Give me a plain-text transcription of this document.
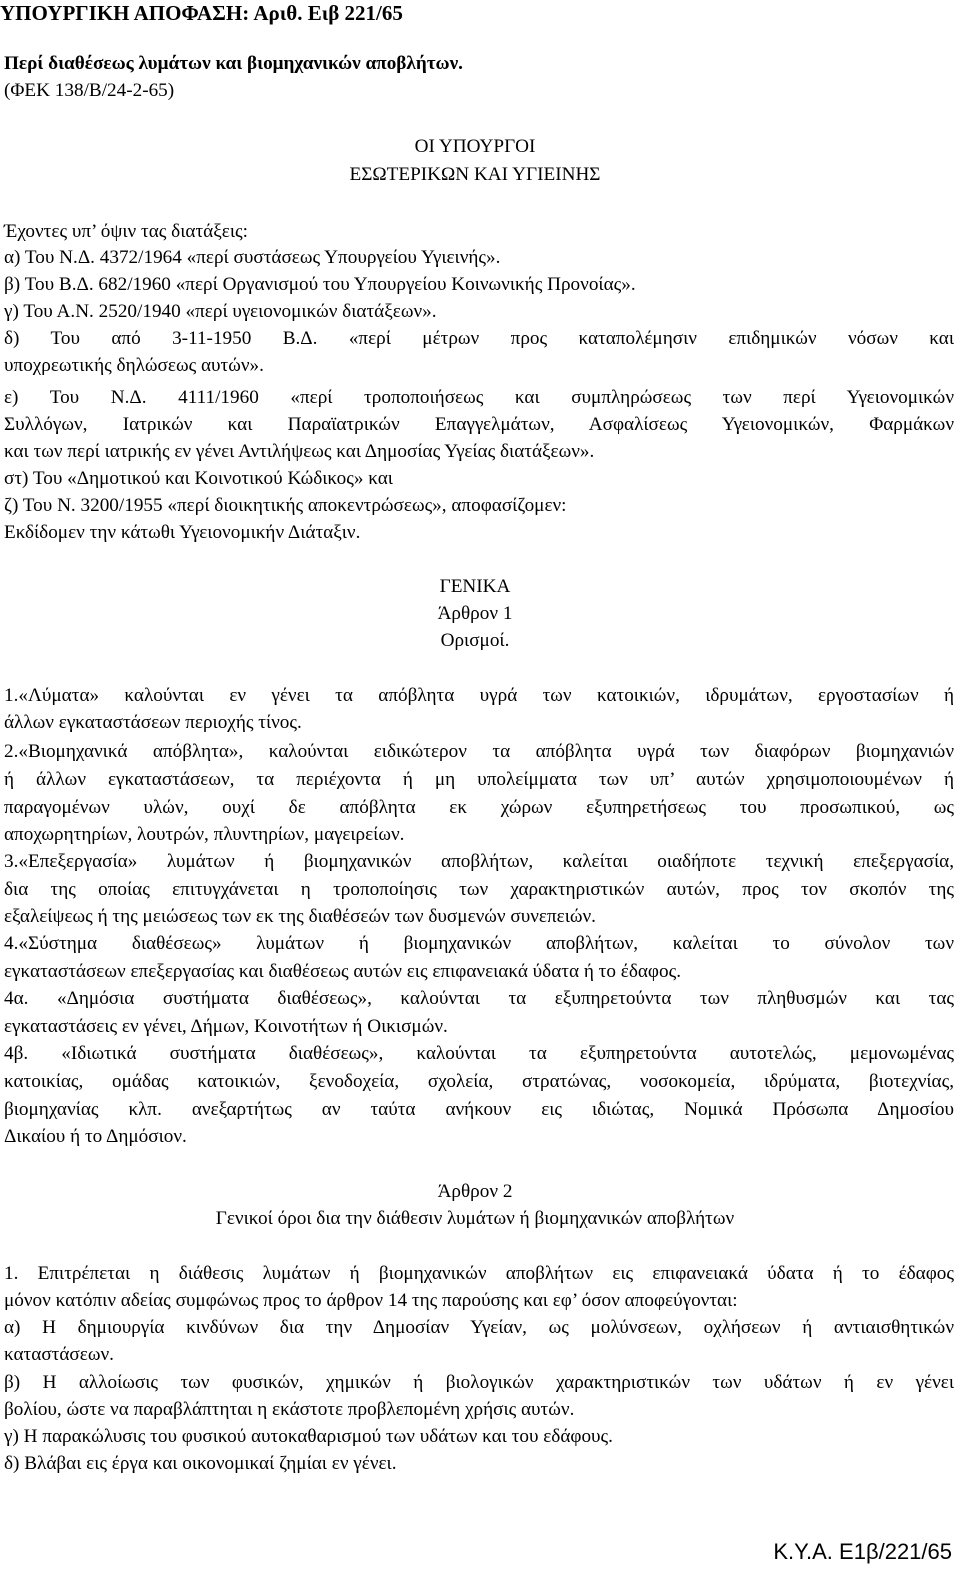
ΥΠΟΥΡΓΙΚΗ ΑΠΟΦΑΣΗ: Αριθ. Ειβ 221/65
Περί διαθέσεως λυμάτων και βιομηχανικών αποβλήτων.
(ΦΕΚ 138/Β/24-2-65)
ΟΙ ΥΠΟΥΡΓΟΙ
ΕΣΩΤΕΡΙΚΩΝ ΚΑΙ ΥΓΙΕΙΝΗΣ
Έχοντες υπ’ όψιν τας διατάξεις:
α) Του Ν.Δ. 4372/1964 «περί συστάσεως Υπουργείου Υγιεινής».
β) Του Β.Δ. 682/1960 «περί Οργανισμού του Υπουργείου Κοινωνικής Προνοίας».
γ) Του Α.Ν. 2520/1940 «περί υγειονομικών διατάξεων».
δ) Του από 3-11-1950 Β.Δ. «περί μέτρων προς καταπολέμησιν επιδημικών νόσων και
υποχρεωτικής δηλώσεως αυτών».
ε) Του Ν.Δ. 4111/1960 «περί τροποποιήσεως και συμπληρώσεως των περί Υγειονομικών
Συλλόγων, Ιατρικών και Παραϊατρικών Επαγγελμάτων, Ασφαλίσεως Υγειονομικών, Φαρμάκων
και των περί ιατρικής εν γένει Αντιλήψεως και Δημοσίας Υγείας διατάξεων».
στ) Του «Δημοτικού και Κοινοτικού Κώδικος» και
ζ) Του Ν. 3200/1955 «περί διοικητικής αποκεντρώσεως», αποφασίζομεν:
Εκδίδομεν την κάτωθι Υγειονομικήν Διάταξιν.
ΓΕΝΙΚΑ
Άρθρον 1
Ορισμοί.
1.«Λύματα» καλούνται εν γένει τα απόβλητα υγρά των κατοικιών, ιδρυμάτων, εργοστασίων ή
άλλων εγκαταστάσεων περιοχής τίνος.
2.«Βιομηχανικά απόβλητα», καλούνται ειδικώτερον τα απόβλητα υγρά των διαφόρων βιομηχανιών
ή άλλων εγκαταστάσεων, τα περιέχοντα ή μη υπολείμματα των υπ’ αυτών χρησιμοποιουμένων ή
παραγομένων υλών, ουχί δε απόβλητα εκ χώρων εξυπηρετήσεως του προσωπικού, ως
αποχωρητηρίων, λουτρών, πλυντηρίων, μαγειρείων.
3.«Επεξεργασία» λυμάτων ή βιομηχανικών αποβλήτων, καλείται οιαδήποτε τεχνική επεξεργασία,
δια της οποίας επιτυγχάνεται η τροποποίησις των χαρακτηριστικών αυτών, προς τον σκοπόν της
εξαλείψεως ή της μειώσεως των εκ της διαθέσεών των δυσμενών συνεπειών.
4.«Σύστημα διαθέσεως» λυμάτων ή βιομηχανικών αποβλήτων, καλείται το σύνολον των
εγκαταστάσεων επεξεργασίας και διαθέσεως αυτών εις επιφανειακά ύδατα ή το έδαφος.
4α. «Δημόσια συστήματα διαθέσεως», καλούνται τα εξυπηρετούντα των πληθυσμών και τας
εγκαταστάσεις εν γένει, Δήμων, Κοινοτήτων ή Οικισμών.
4β. «Ιδιωτικά συστήματα διαθέσεως», καλούνται τα εξυπηρετούντα αυτοτελώς, μεμονωμένας
κατοικίας, ομάδας κατοικιών, ξενοδοχεία, σχολεία, στρατώνας, νοσοκομεία, ιδρύματα, βιοτεχνίας,
βιομηχανίας κλπ. ανεξαρτήτως αν ταύτα ανήκουν εις ιδιώτας, Νομικά Πρόσωπα Δημοσίου
Δικαίου ή το Δημόσιον.
Άρθρον 2
Γενικοί όροι δια την διάθεσιν λυμάτων ή βιομηχανικών αποβλήτων
1. Επιτρέπεται η διάθεσις λυμάτων ή βιομηχανικών αποβλήτων εις επιφανειακά ύδατα ή το έδαφος
μόνον κατόπιν αδείας συμφώνως προς το άρθρον 14 της παρούσης και εφ’ όσον αποφεύγονται:
α) Η δημιουργία κινδύνων δια την Δημοσίαν Υγείαν, ως μολύνσεων, οχλήσεων ή αντιαισθητικών
καταστάσεων.
β) Η αλλοίωσις των φυσικών, χημικών ή βιολογικών χαρακτηριστικών των υδάτων ή εν γένει
βολίου, ώστε να παραβλάπτηται η εκάστοτε προβλεπομένη χρήσις αυτών.
γ) Η παρακώλυσις του φυσικού αυτοκαθαρισμού των υδάτων και του εδάφους.
δ) Βλάβαι εις έργα και οικονομικαί ζημίαι εν γένει.
Κ.Υ.Α. Ε1β/221/65
